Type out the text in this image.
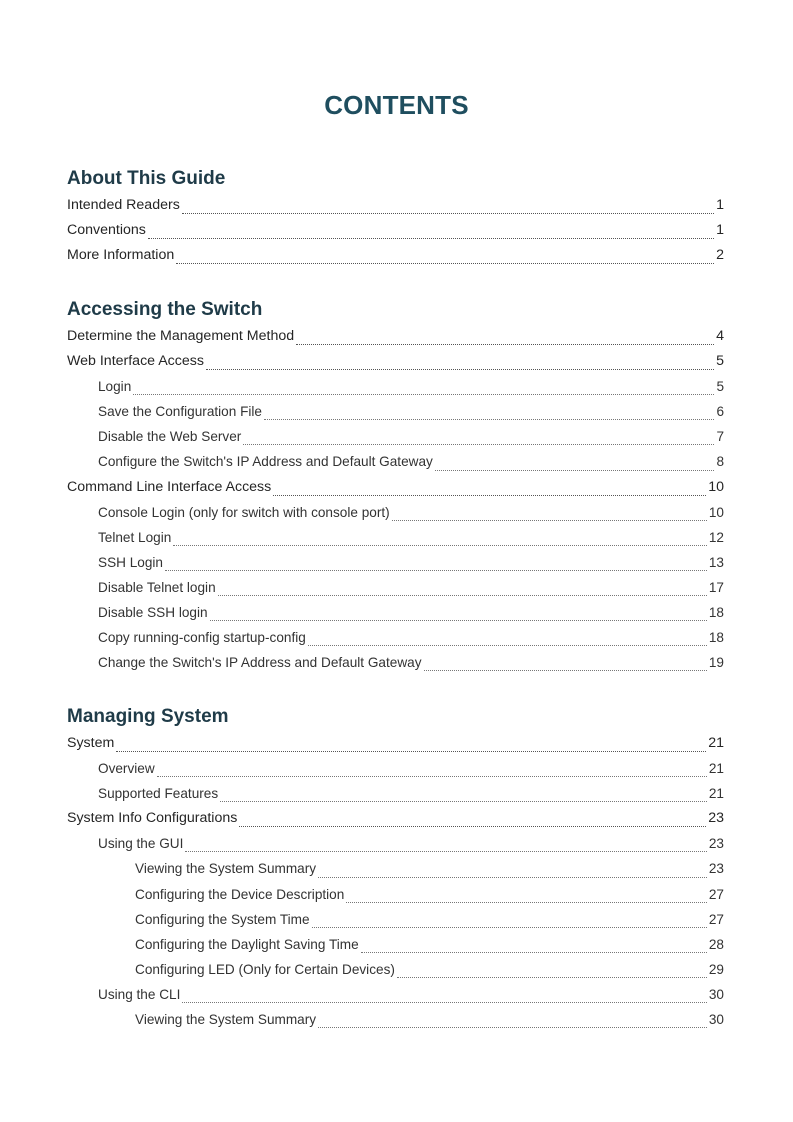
CONTENTS
About This Guide
Intended Readers	1
Conventions	1
More Information	2
Accessing the Switch
Determine the Management Method	4
Web Interface Access	5
Login	5
Save the Configuration File	6
Disable the Web Server	7
Configure the Switch's IP Address and Default Gateway	8
Command Line Interface Access	10
Console Login (only for switch with console port)	10
Telnet Login	12
SSH Login	13
Disable Telnet login	17
Disable SSH login	18
Copy running-config startup-config	18
Change the Switch's IP Address and Default Gateway	19
Managing System
System	21
Overview	21
Supported Features	21
System Info Configurations	23
Using the GUI	23
Viewing the System Summary	23
Configuring the Device Description	27
Configuring the System Time	27
Configuring the Daylight Saving Time	28
Configuring LED (Only for Certain Devices)	29
Using the CLI	30
Viewing the System Summary	30
